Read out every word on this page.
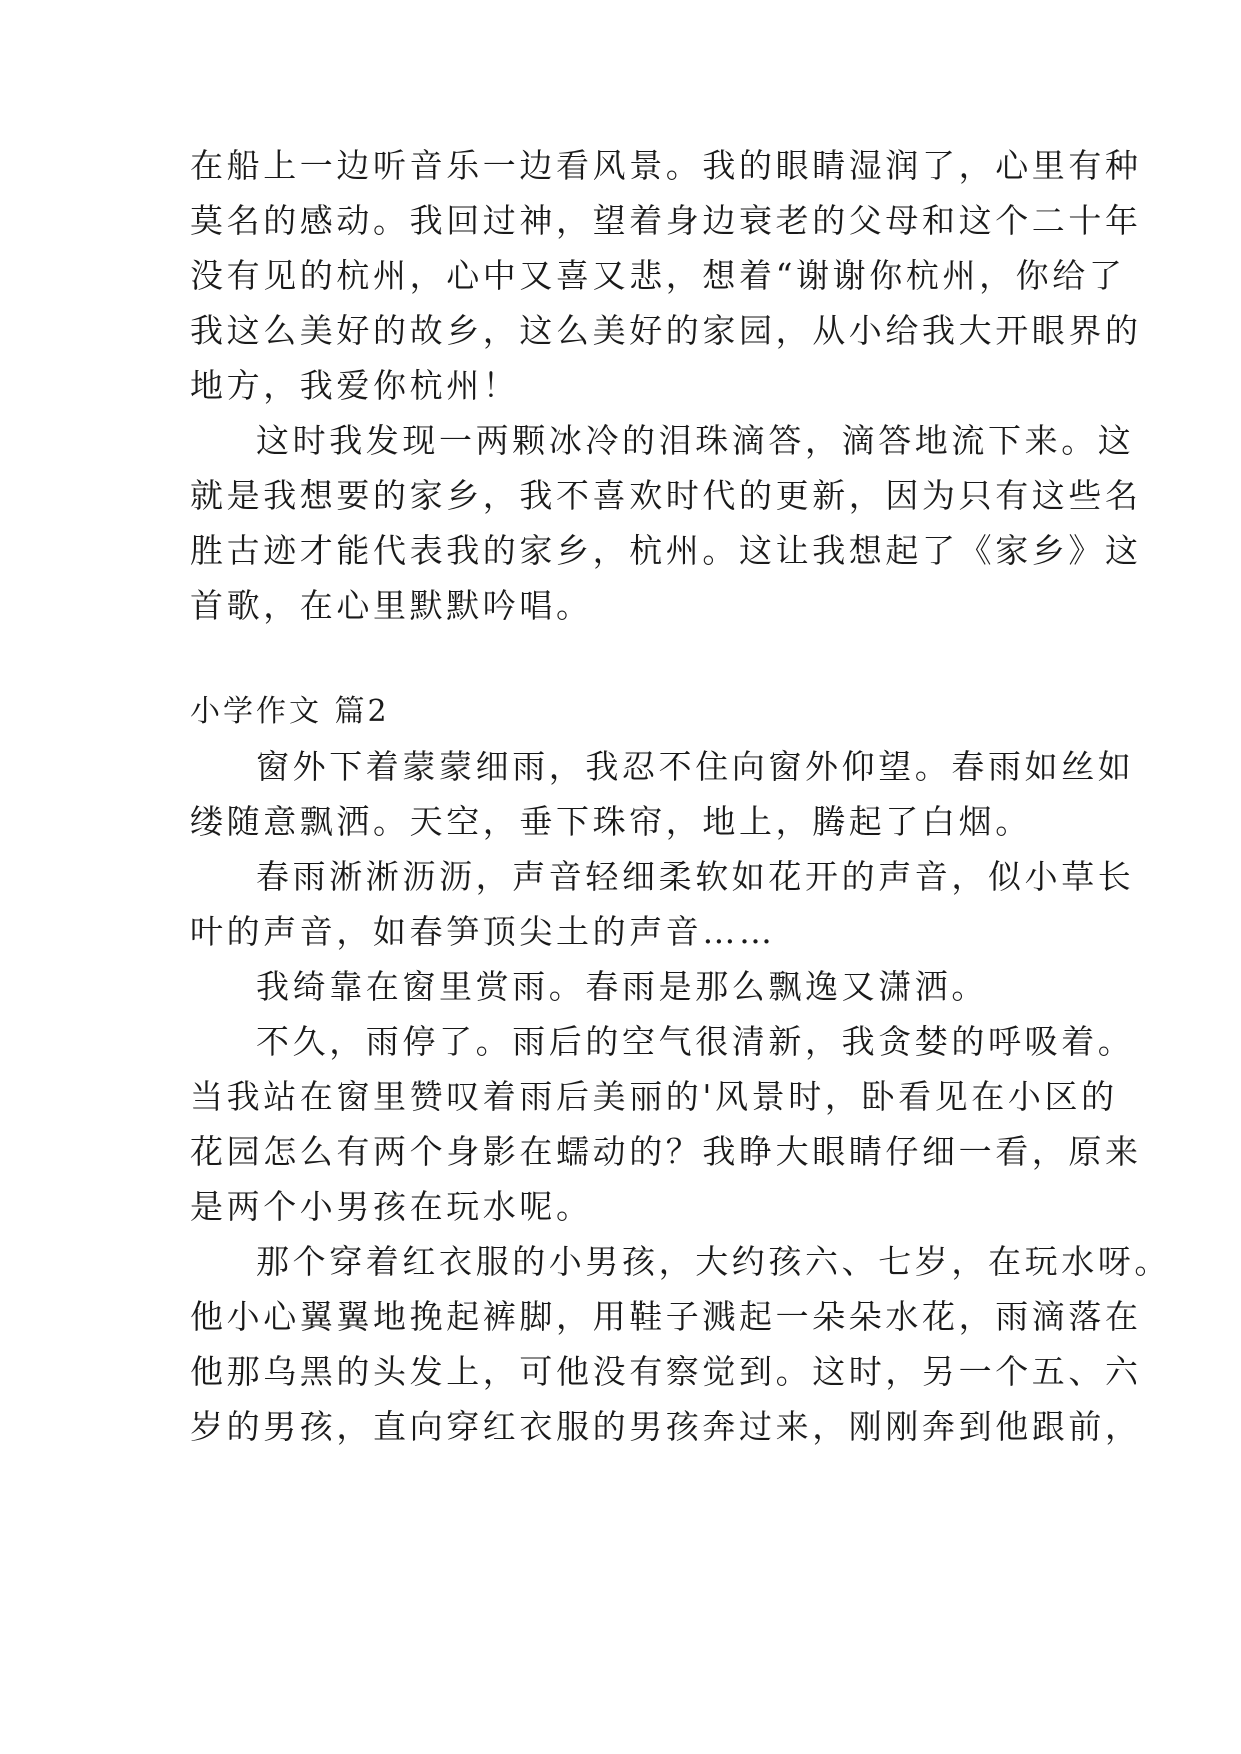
在船上一边听音乐一边看风景。我的眼睛湿润了，心里有种
莫名的感动。我回过神，望着身边衰老的父母和这个二十年
没有见的杭州，心中又喜又悲，想着“谢谢你杭州，你给了
我这么美好的故乡，这么美好的家园，从小给我大开眼界的
地方，我爱你杭州！
这时我发现一两颗冰冷的泪珠滴答，滴答地流下来。这
就是我想要的家乡，我不喜欢时代的更新，因为只有这些名
胜古迹才能代表我的家乡，杭州。这让我想起了《家乡》这
首歌，在心里默默吟唱。
小学作文 篇2
窗外下着蒙蒙细雨，我忍不住向窗外仰望。春雨如丝如
缕随意飘洒。天空，垂下珠帘，地上，腾起了白烟。
春雨淅淅沥沥，声音轻细柔软如花开的声音，似小草长
叶的声音，如春笋顶尖土的声音……
我绮靠在窗里赏雨。春雨是那么飘逸又潇洒。
不久，雨停了。雨后的空气很清新，我贪婪的呼吸着。
当我站在窗里赞叹着雨后美丽的'风景时，卧看见在小区的
花园怎么有两个身影在蠕动的？我睁大眼睛仔细一看，原来
是两个小男孩在玩水呢。
那个穿着红衣服的小男孩，大约孩六、七岁，在玩水呀。
他小心翼翼地挽起裤脚，用鞋子溅起一朵朵水花，雨滴落在
他那乌黑的头发上，可他没有察觉到。这时，另一个五、六
岁的男孩，直向穿红衣服的男孩奔过来，刚刚奔到他跟前，
